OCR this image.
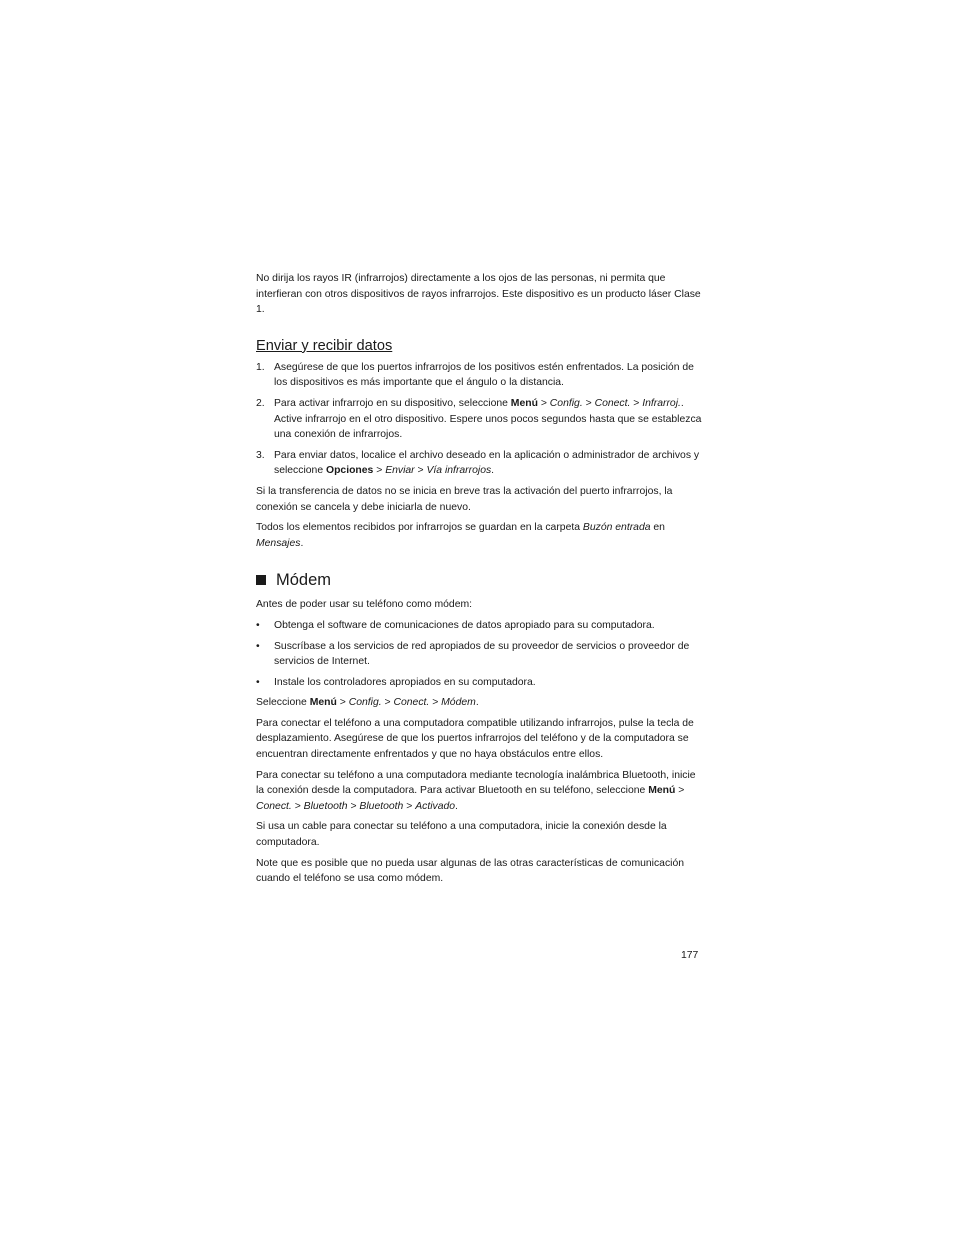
No dirija los rayos IR (infrarrojos) directamente a los ojos de las personas, ni permita que interfieran con otros dispositivos de rayos infrarrojos. Este dispositivo es un producto láser Clase 1.

Enviar y recibir datos
1. Asegúrese de que los puertos infrarrojos de los positivos estén enfrentados. La posición de los dispositivos es más importante que el ángulo o la distancia.
2. Para activar infrarrojo en su dispositivo, seleccione Menú > Config. > Conect. > Infrarroj.. Active infrarrojo en el otro dispositivo. Espere unos pocos segundos hasta que se establezca una conexión de infrarrojos.
3. Para enviar datos, localice el archivo deseado en la aplicación o administrador de archivos y seleccione Opciones > Enviar > Vía infrarrojos.

Si la transferencia de datos no se inicia en breve tras la activación del puerto infrarrojos, la conexión se cancela y debe iniciarla de nuevo.

Todos los elementos recibidos por infrarrojos se guardan en la carpeta Buzón entrada en Mensajes.

Módem

Antes de poder usar su teléfono como módem:

• Obtenga el software de comunicaciones de datos apropiado para su computadora.
• Suscríbase a los servicios de red apropiados de su proveedor de servicios o proveedor de servicios de Internet.
• Instale los controladores apropiados en su computadora.

Seleccione Menú > Config. > Conect. > Módem.

Para conectar el teléfono a una computadora compatible utilizando infrarrojos, pulse la tecla de desplazamiento. Asegúrese de que los puertos infrarrojos del teléfono y de la computadora se encuentran directamente enfrentados y que no haya obstáculos entre ellos.

Para conectar su teléfono a una computadora mediante tecnología inalámbrica Bluetooth, inicie la conexión desde la computadora. Para activar Bluetooth en su teléfono, seleccione Menú > Conect. > Bluetooth > Bluetooth > Activado.

Si usa un cable para conectar su teléfono a una computadora, inicie la conexión desde la computadora.

Note que es posible que no pueda usar algunas de las otras características de comunicación cuando el teléfono se usa como módem.

177
